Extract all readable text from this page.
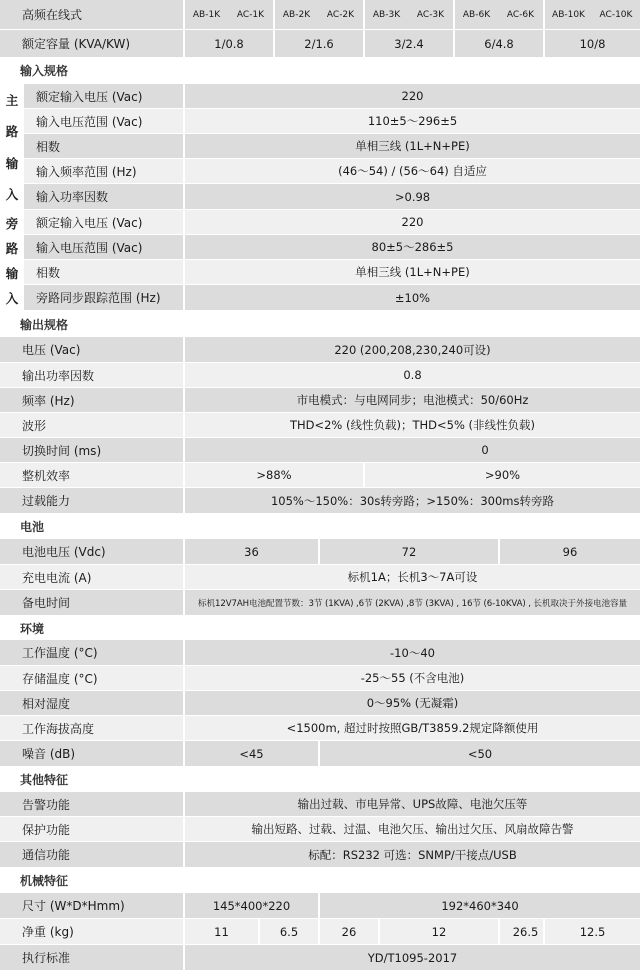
高频在线式	AB-1K	AC-1K	AB-2K	AC-2K	AB-3K	AC-3K	AB-6K	AC-6K	AB-10K	AC-10K
额定容量 (KVA/KW)	1/0.8	2/1.6	3/2.4	6/4.8	10/8
输入规格
主
路
输
入
额定输入电压 (Vac)	220
输入电压范围 (Vac)	110±5～296±5
相数	单相三线 (1L+N+PE)
输入频率范围 (Hz)	(46～54) / (56～64) 自适应
输入功率因数	>0.98
旁
路
输
入
额定输入电压 (Vac)	220
输入电压范围 (Vac)	80±5～286±5
相数	单相三线 (1L+N+PE)
旁路同步跟踪范围 (Hz)	±10%
输出规格
电压 (Vac)	220 (200,208,230,240可设)
输出功率因数	0.8
频率 (Hz)	市电模式：与电网同步；电池模式：50/60Hz
波形	THD<2% (线性负载)；THD<5% (非线性负载)
切换时间 (ms)	0
整机效率	>88%	>90%
过载能力	105%～150%：30s转旁路；>150%：300ms转旁路
电池
电池电压 (Vdc)	36	72	96
充电电流 (A)	标机1A；长机3～7A可设
备电时间	标机12V7AH电池配置节数：3节 (1KVA) ,6节 (2KVA) ,8节 (3KVA) , 16节 (6-10KVA) , 长机取决于外接电池容量
环境
工作温度 (°C)	-10～40
存储温度 (°C)	-25～55 (不含电池)
相对湿度	0～95% (无凝霜)
工作海拔高度	<1500m, 超过时按照GB/T3859.2规定降额使用
噪音 (dB)	<45	<50
其他特征
告警功能	输出过载、市电异常、UPS故障、电池欠压等
保护功能	输出短路、过载、过温、电池欠压、输出过欠压、风扇故障告警
通信功能	标配：RS232 可选：SNMP/干接点/USB
机械特征
尺寸 (W*D*Hmm)	145*400*220	192*460*340
净重 (kg)	11	6.5	26	12	26.5	12.5
执行标准	YD/T1095-2017
